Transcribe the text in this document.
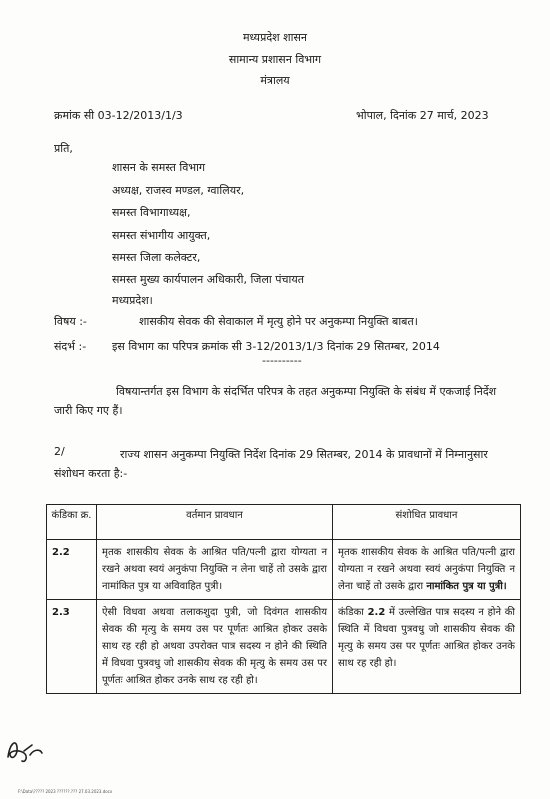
मध्यप्रदेश शासन
सामान्य प्रशासन विभाग
मंत्रालय
क्रमांक सी 03-12/2013/1/3	भोपाल, दिनांक 27 मार्च, 2023
प्रति,
शासन के समस्त विभाग
अध्यक्ष, राजस्व मण्डल, ग्वालियर,
समस्त विभागाध्यक्ष,
समस्त संभागीय आयुक्त,
समस्त जिला कलेक्टर,
समस्त मुख्य कार्यपालन अधिकारी, जिला पंचायत
मध्यप्रदेश।
विषय :-	शासकीय सेवक की सेवाकाल में मृत्यु होने पर अनुकम्पा नियुक्ति बाबत।
संदर्भ :- इस विभाग का परिपत्र क्रमांक सी 3-12/2013/1/3 दिनांक 29 सितम्बर, 2014
----------
विषयान्तर्गत इस विभाग के संदर्भित परिपत्र के तहत अनुकम्पा नियुक्ति के संबंध में एकजाई निर्देश जारी किए गए हैं।
2/	राज्य शासन अनुकम्पा नियुक्ति निर्देश दिनांक 29 सितम्बर, 2014 के प्रावधानों में निम्नानुसार संशोधन करता है:-
कंडिका क्र.	वर्तमान प्रावधान	संशोधित प्रावधान
2.2	मृतक शासकीय सेवक के आश्रित पति/पत्नी द्वारा योग्यता न रखने अथवा स्वयं अनुकंपा नियुक्ति न लेना चाहें तो उसके द्वारा नामांकित पुत्र या अविवाहित पुत्री।	मृतक शासकीय सेवक के आश्रित पति/पत्नी द्वारा योग्यता न रखने अथवा स्वयं अनुकंपा नियुक्ति न लेना चाहें तो उसके द्वारा नामांकित पुत्र या पुत्री।
2.3	ऐसी विधवा अथवा तलाकशुदा पुत्री, जो दिवंगत शासकीय सेवक की मृत्यु के समय उस पर पूर्णतः आश्रित होकर उसके साथ रह रही हो अथवा उपरोक्त पात्र सदस्य न होने की स्थिति में विधवा पुत्रवधु जो शासकीय सेवक की मृत्यु के समय उस पर पूर्णतः आश्रित होकर उनके साथ रह रही हो।	कंडिका 2.2 में उल्लेखित पात्र सदस्य न होने की स्थिति में विधवा पुत्रवधु जो शासकीय सेवक की मृत्यु के समय उस पर पूर्णतः आश्रित होकर उनके साथ रह रही हो।
F:\Data\????? 2023 ??????.??? 27.03.2023.docx
